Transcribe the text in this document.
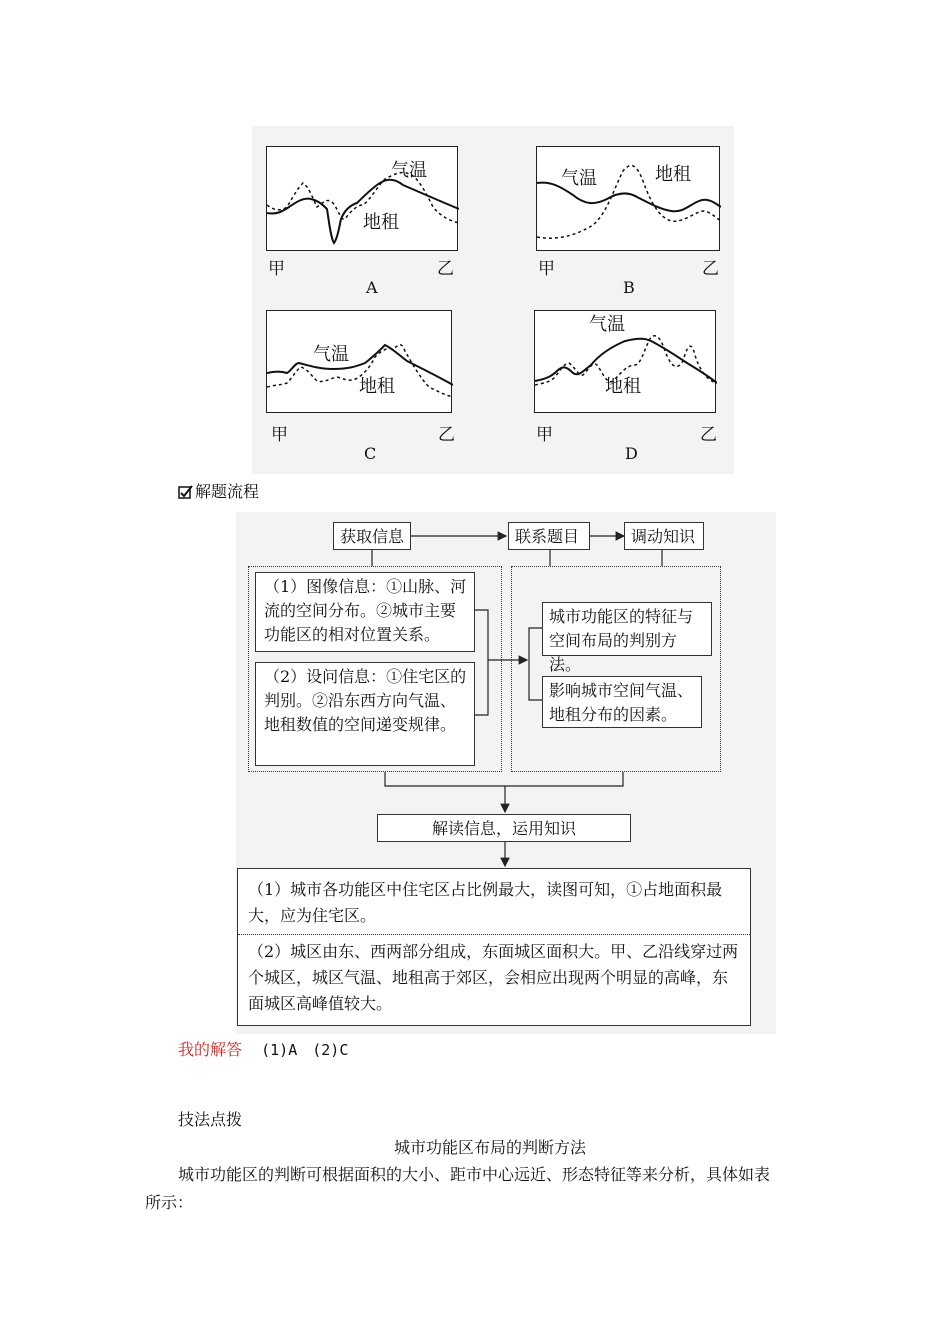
气温
地租
甲	乙
A
气温	地租
甲	乙
B
气温
地租
甲	乙
C
气温
地租
甲	乙
D
解题流程
获取信息	联系题目	调动知识
（1）图像信息：①山脉、河流的空间分布。②城市主要功能区的相对位置关系。
（2）设问信息：①住宅区的判别。②沿东西方向气温、地租数值的空间递变规律。
城市功能区的特征与空间布局的判别方法。
影响城市空间气温、地租分布的因素。
解读信息，运用知识
（1）城市各功能区中住宅区占比例最大，读图可知，①占地面积最大，应为住宅区。
（2）城区由东、西两部分组成，东面城区面积大。甲、乙沿线穿过两个城区，城区气温、地租高于郊区，会相应出现两个明显的高峰，东面城区高峰值较大。
我的解答 (1)A　(2)C
技法点拨
城市功能区布局的判断方法
城市功能区的判断可根据面积的大小、距市中心远近、形态特征等来分析，具体如表
所示：
